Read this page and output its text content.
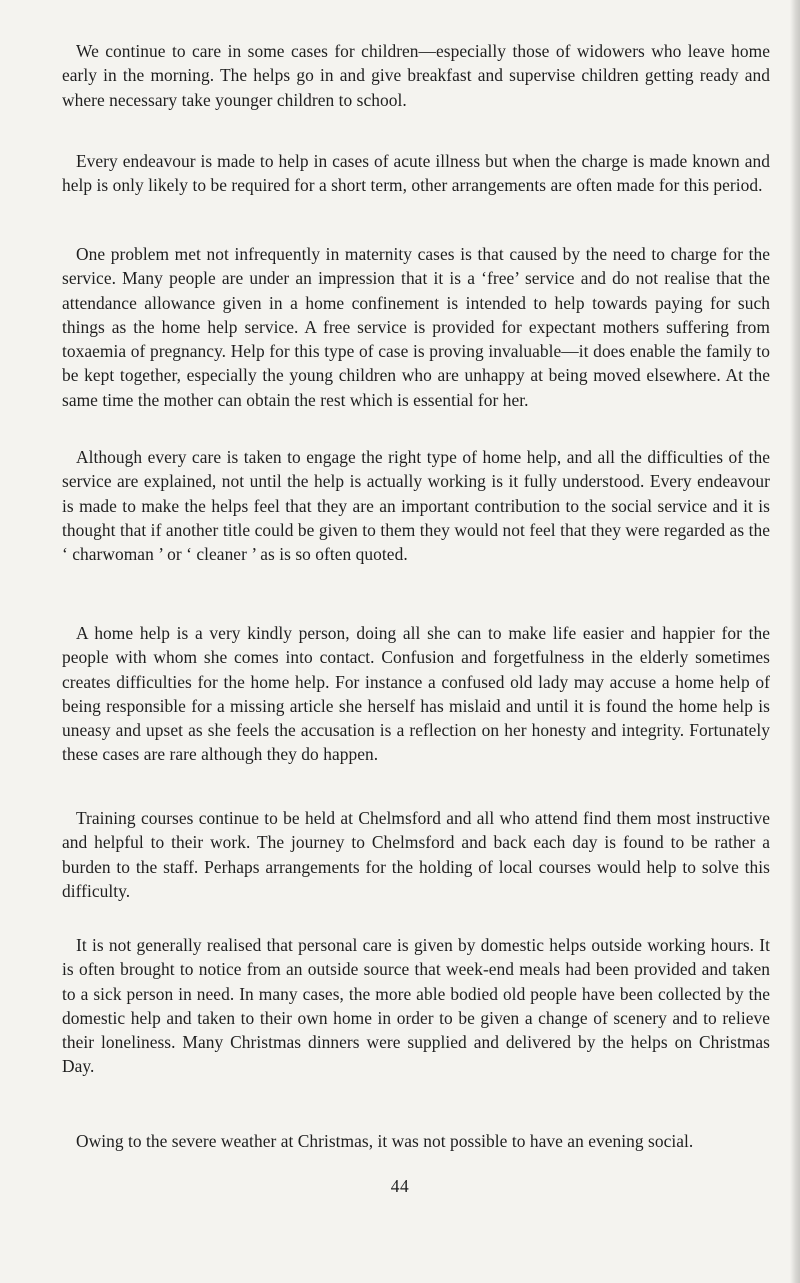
We continue to care in some cases for children—especially those of widowers who leave home early in the morning. The helps go in and give breakfast and supervise children getting ready and where necessary take younger children to school.

Every endeavour is made to help in cases of acute illness but when the charge is made known and help is only likely to be required for a short term, other arrangements are often made for this period.

One problem met not infrequently in maternity cases is that caused by the need to charge for the service. Many people are under an impression that it is a ‘free’ service and do not realise that the attendance allowance given in a home confinement is intended to help towards paying for such things as the home help service. A free service is provided for expectant mothers suffering from toxaemia of pregnancy. Help for this type of case is proving invaluable—it does enable the family to be kept together, especially the young children who are unhappy at being moved elsewhere. At the same time the mother can obtain the rest which is essential for her.

Although every care is taken to engage the right type of home help, and all the difficulties of the service are explained, not until the help is actually working is it fully understood. Every endeavour is made to make the helps feel that they are an important contribution to the social service and it is thought that if another title could be given to them they would not feel that they were regarded as the ‘ charwoman ’ or ‘ cleaner ’ as is so often quoted.

A home help is a very kindly person, doing all she can to make life easier and happier for the people with whom she comes into contact. Confusion and forgetfulness in the elderly sometimes creates difficulties for the home help. For instance a confused old lady may accuse a home help of being responsible for a missing article she herself has mislaid and until it is found the home help is uneasy and upset as she feels the accusation is a reflection on her honesty and integrity. Fortunately these cases are rare although they do happen.

Training courses continue to be held at Chelmsford and all who attend find them most instructive and helpful to their work. The journey to Chelmsford and back each day is found to be rather a burden to the staff. Perhaps arrangements for the holding of local courses would help to solve this difficulty.

It is not generally realised that personal care is given by domestic helps outside working hours. It is often brought to notice from an outside source that week-end meals had been provided and taken to a sick person in need. In many cases, the more able bodied old people have been collected by the domestic help and taken to their own home in order to be given a change of scenery and to relieve their loneliness. Many Christmas dinners were supplied and delivered by the helps on Christmas Day.

Owing to the severe weather at Christmas, it was not possible to have an evening social.

44
